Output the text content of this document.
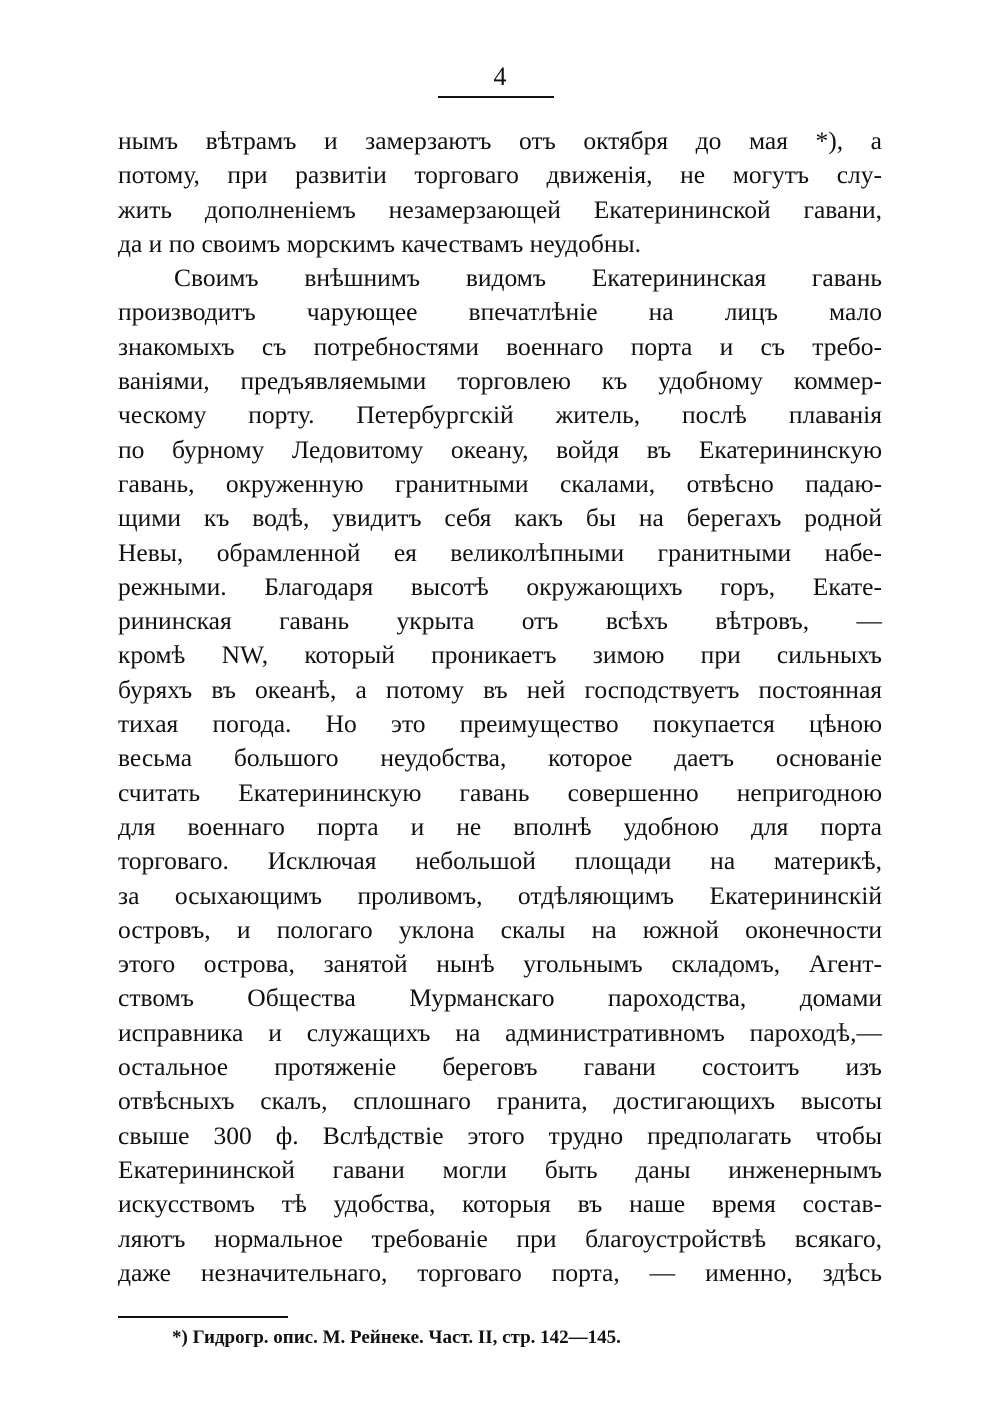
4
нымъ вѣтрамъ и замерзаютъ отъ октября до мая *), а
потому, при развитіи торговаго движенія, не могутъ слу-
жить дополненіемъ незамерзающей Екатерининской гавани,
да и по своимъ морскимъ качествамъ неудобны.
Своимъ внѣшнимъ видомъ Екатерининская гавань
производитъ чарующее впечатлѣніе на лицъ мало
знакомыхъ съ потребностями военнаго порта и съ требо-
ваніями, предъявляемыми торговлею къ удобному коммер-
ческому порту. Петербургскій житель, послѣ плаванія
по бурному Ледовитому океану, войдя въ Екатерининскую
гавань, окруженную гранитными скалами, отвѣсно падаю-
щими къ водѣ, увидитъ себя какъ бы на берегахъ родной
Невы, обрамленной ея великолѣпными гранитными набе-
режными. Благодаря высотѣ окружающихъ горъ, Екате-
рининская гавань укрыта отъ всѣхъ вѣтровъ, —
кромѣ NW, который проникаетъ зимою при сильныхъ
буряхъ въ океанѣ, а потому въ ней господствуетъ постоянная
тихая погода. Но это преимущество покупается цѣною
весьма большого неудобства, которое даетъ основаніе
считать Екатерининскую гавань совершенно непригодною
для военнаго порта и не вполнѣ удобною для порта
торговаго. Исключая небольшой площади на материкѣ,
за осыхающимъ проливомъ, отдѣляющимъ Екатерининскій
островъ, и пологаго уклона скалы на южной оконечности
этого острова, занятой нынѣ угольнымъ складомъ, Агент-
ствомъ Общества Мурманскаго пароходства, домами
исправника и служащихъ на административномъ пароходѣ,—
остальное протяженіе береговъ гавани состоитъ изъ
отвѣсныхъ скалъ, сплошнаго гранита, достигающихъ высоты
свыше 300 ф. Вслѣдствіе этого трудно предполагать чтобы
Екатерининской гавани могли быть даны инженернымъ
искусствомъ тѣ удобства, которыя въ наше время состав-
ляютъ нормальное требованіе при благоустройствѣ всякаго,
даже незначительнаго, торговаго порта, — именно, здѣсь
*) Гидрогр. опис. М. Рейнеке. Част. II, стр. 142—145.
